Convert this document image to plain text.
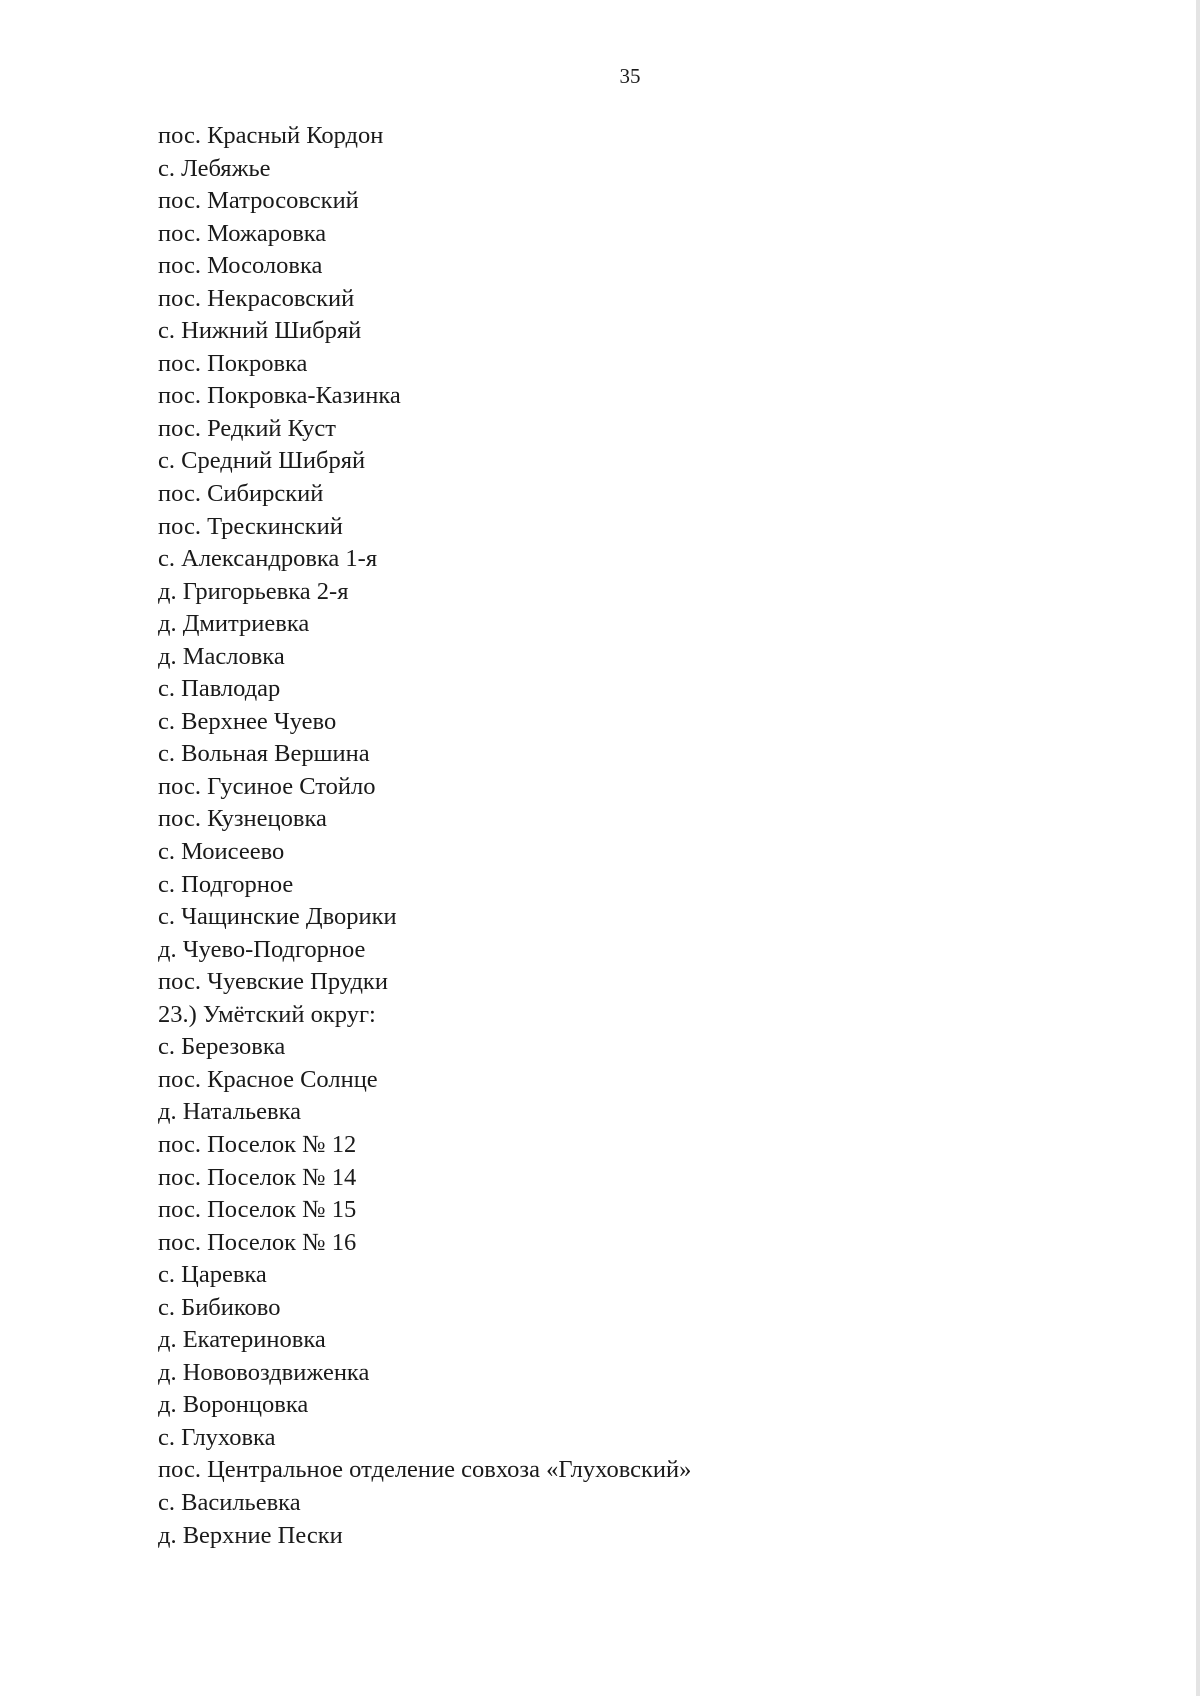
35
пос. Красный Кордон
с. Лебяжье
пос. Матросовский
пос. Можаровка
пос. Мосоловка
пос. Некрасовский
с. Нижний Шибряй
пос. Покровка
пос. Покровка-Казинка
пос. Редкий Куст
с. Средний Шибряй
пос. Сибирский
пос. Трескинский
с. Александровка 1-я
д. Григорьевка 2-я
д. Дмитриевка
д. Масловка
с. Павлодар
с. Верхнее Чуево
с. Вольная Вершина
пос. Гусиное Стойло
пос. Кузнецовка
с. Моисеево
с. Подгорное
с. Чащинские Дворики
д. Чуево-Подгорное
пос. Чуевские Прудки
23.) Умётский округ:
с. Березовка
пос. Красное Солнце
д. Натальевка
пос. Поселок № 12
пос. Поселок № 14
пос. Поселок № 15
пос. Поселок № 16
с. Царевка
с. Бибиково
д. Екатериновка
д. Нововоздвиженка
д. Воронцовка
с. Глуховка
пос. Центральное отделение совхоза «Глуховский»
с. Васильевка
д. Верхние Пески
